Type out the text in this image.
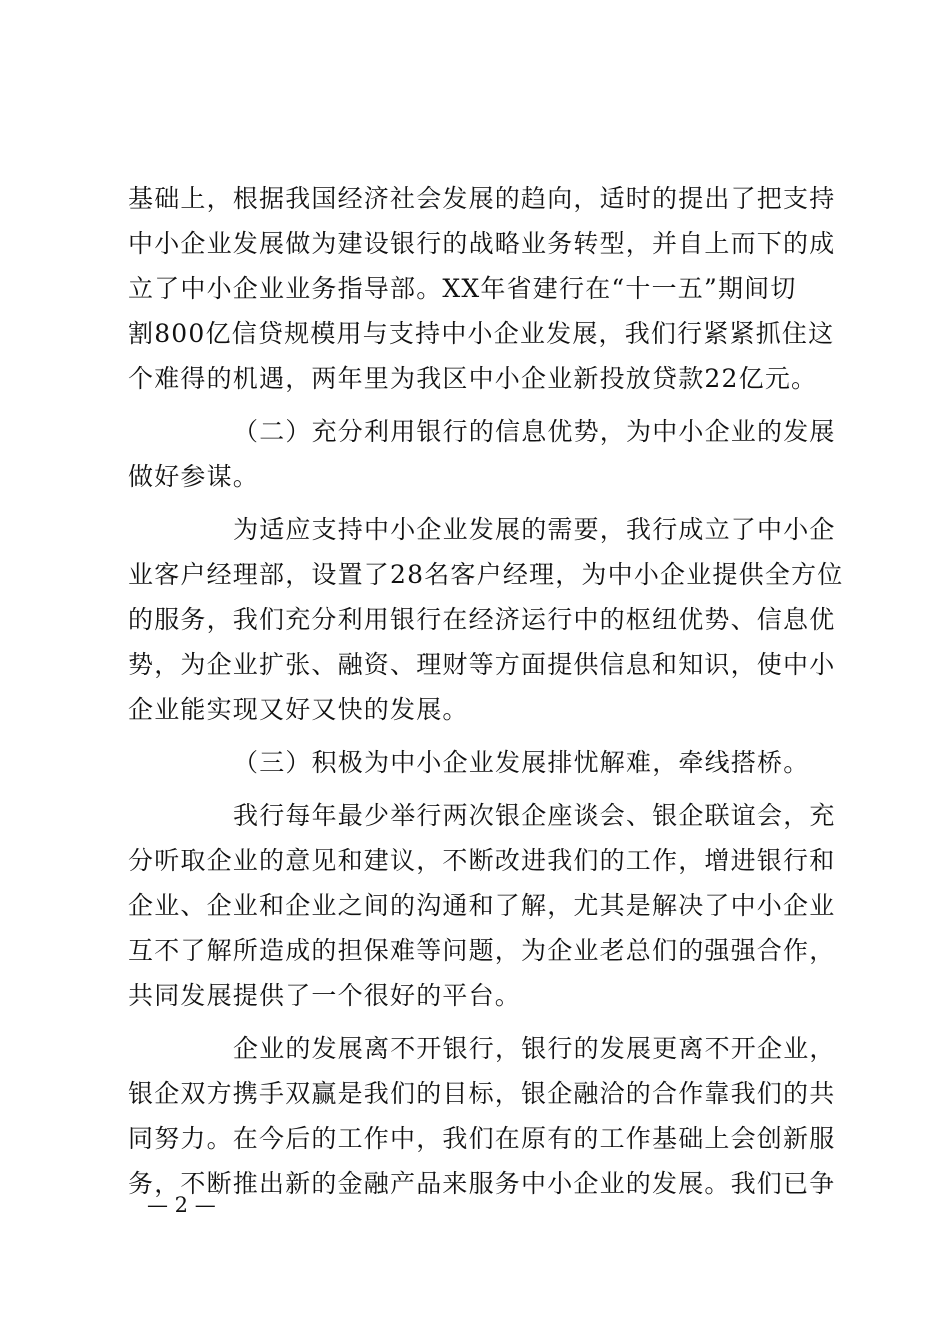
基础上，根据我国经济社会发展的趋向，适时的提出了把支持
中小企业发展做为建设银行的战略业务转型，并自上而下的成
立了中小企业业务指导部。XX年省建行在“十一五”期间切
割800亿信贷规模用与支持中小企业发展，我们行紧紧抓住这
个难得的机遇，两年里为我区中小企业新投放贷款22亿元。
（二）充分利用银行的信息优势，为中小企业的发展
做好参谋。
为适应支持中小企业发展的需要，我行成立了中小企
业客户经理部，设置了28名客户经理，为中小企业提供全方位
的服务，我们充分利用银行在经济运行中的枢纽优势、信息优
势，为企业扩张、融资、理财等方面提供信息和知识，使中小
企业能实现又好又快的发展。
（三）积极为中小企业发展排忧解难，牵线搭桥。
我行每年最少举行两次银企座谈会、银企联谊会，充
分听取企业的意见和建议，不断改进我们的工作，增进银行和
企业、企业和企业之间的沟通和了解，尤其是解决了中小企业
互不了解所造成的担保难等问题，为企业老总们的强强合作，
共同发展提供了一个很好的平台。
企业的发展离不开银行，银行的发展更离不开企业，
银企双方携手双赢是我们的目标，银企融洽的合作靠我们的共
同努力。在今后的工作中，我们在原有的工作基础上会创新服
务，不断推出新的金融产品来服务中小企业的发展。我们已争
— 2 —
